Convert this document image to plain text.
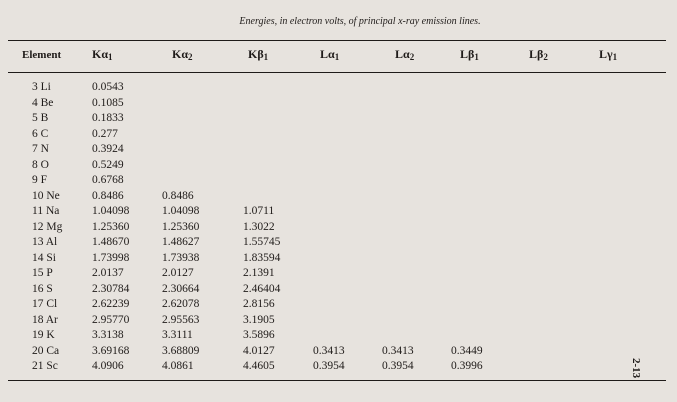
Energies, in electron volts, of principal x-ray emission lines.
Element	$K\alpha_1$	$K\alpha_2$	$K\beta_1$	$L\alpha_1$	$L\alpha_2$	$L\beta_1$	$L\beta_2$	$L\gamma_1$
3 Li	0.0543
4 Be	0.1085
5 B	0.1833
6 C	0.277
7 N	0.3924
8 O	0.5249
9 F	0.6768
10 Ne	0.8486	0.8486
11 Na	1.04098	1.04098	1.0711
12 Mg	1.25360	1.25360	1.3022
13 Al	1.48670	1.48627	1.55745
14 Si	1.73998	1.73938	1.83594
15 P	2.0137	2.0127	2.1391
16 S	2.30784	2.30664	2.46404
17 Cl	2.62239	2.62078	2.8156
18 Ar	2.95770	2.95563	3.1905
19 K	3.3138	3.3111	3.5896
20 Ca	3.69168	3.68809	4.0127	0.3413	0.3413	0.3449
21 Sc	4.0906	4.0861	4.4605	0.3954	0.3954	0.3996	2-13
